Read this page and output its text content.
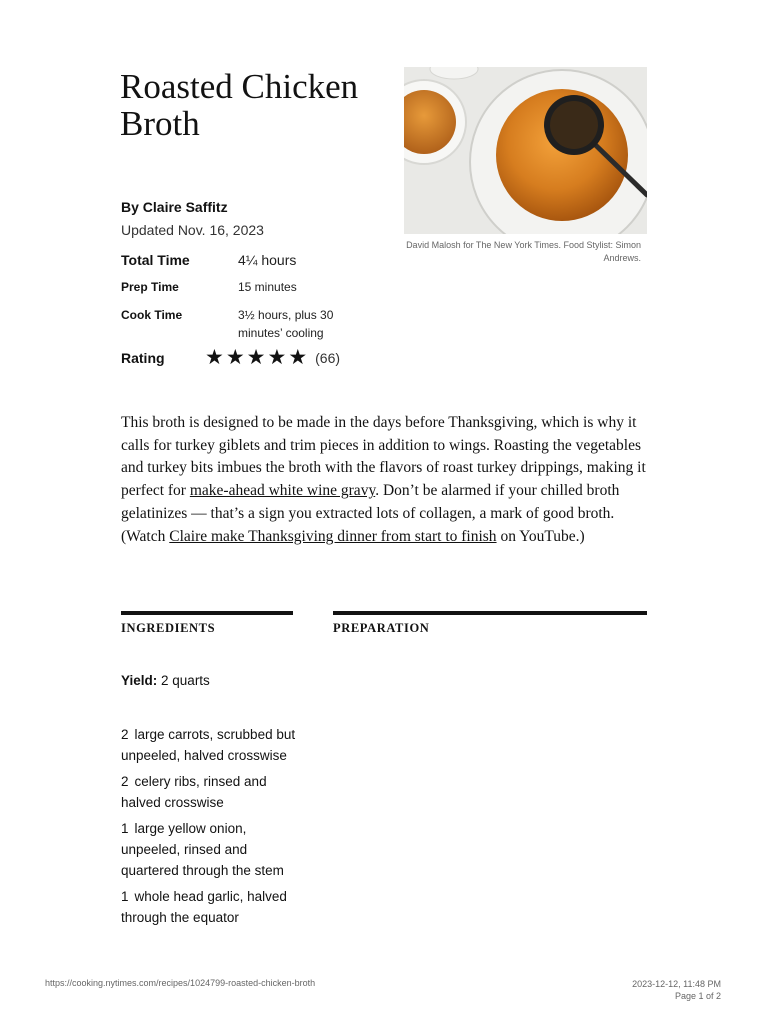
Roasted Chicken Broth
By Claire Saffitz
Updated Nov. 16, 2023
Total Time	4¼ hours
Prep Time	15 minutes
Cook Time	3½ hours, plus 30 minutes’ cooling
Rating	★★★★★ (66)
David Malosh for The New York Times. Food Stylist: Simon Andrews.

This broth is designed to be made in the days before Thanksgiving, which is why it calls for turkey giblets and trim pieces in addition to wings. Roasting the vegetables and turkey bits imbues the broth with the flavors of roast turkey drippings, making it perfect for make-ahead white wine gravy. Don’t be alarmed if your chilled broth gelatinizes — that’s a sign you extracted lots of collagen, a mark of good broth. (Watch Claire make Thanksgiving dinner from start to finish on YouTube.)

INGREDIENTS	PREPARATION
Yield: 2 quarts
2 large carrots, scrubbed but unpeeled, halved crosswise
2 celery ribs, rinsed and halved crosswise
1 large yellow onion, unpeeled, rinsed and quartered through the stem
1 whole head garlic, halved through the equator
https://cooking.nytimes.com/recipes/1024799-roasted-chicken-broth	2023-12-12, 11:48 PM
Page 1 of 2
